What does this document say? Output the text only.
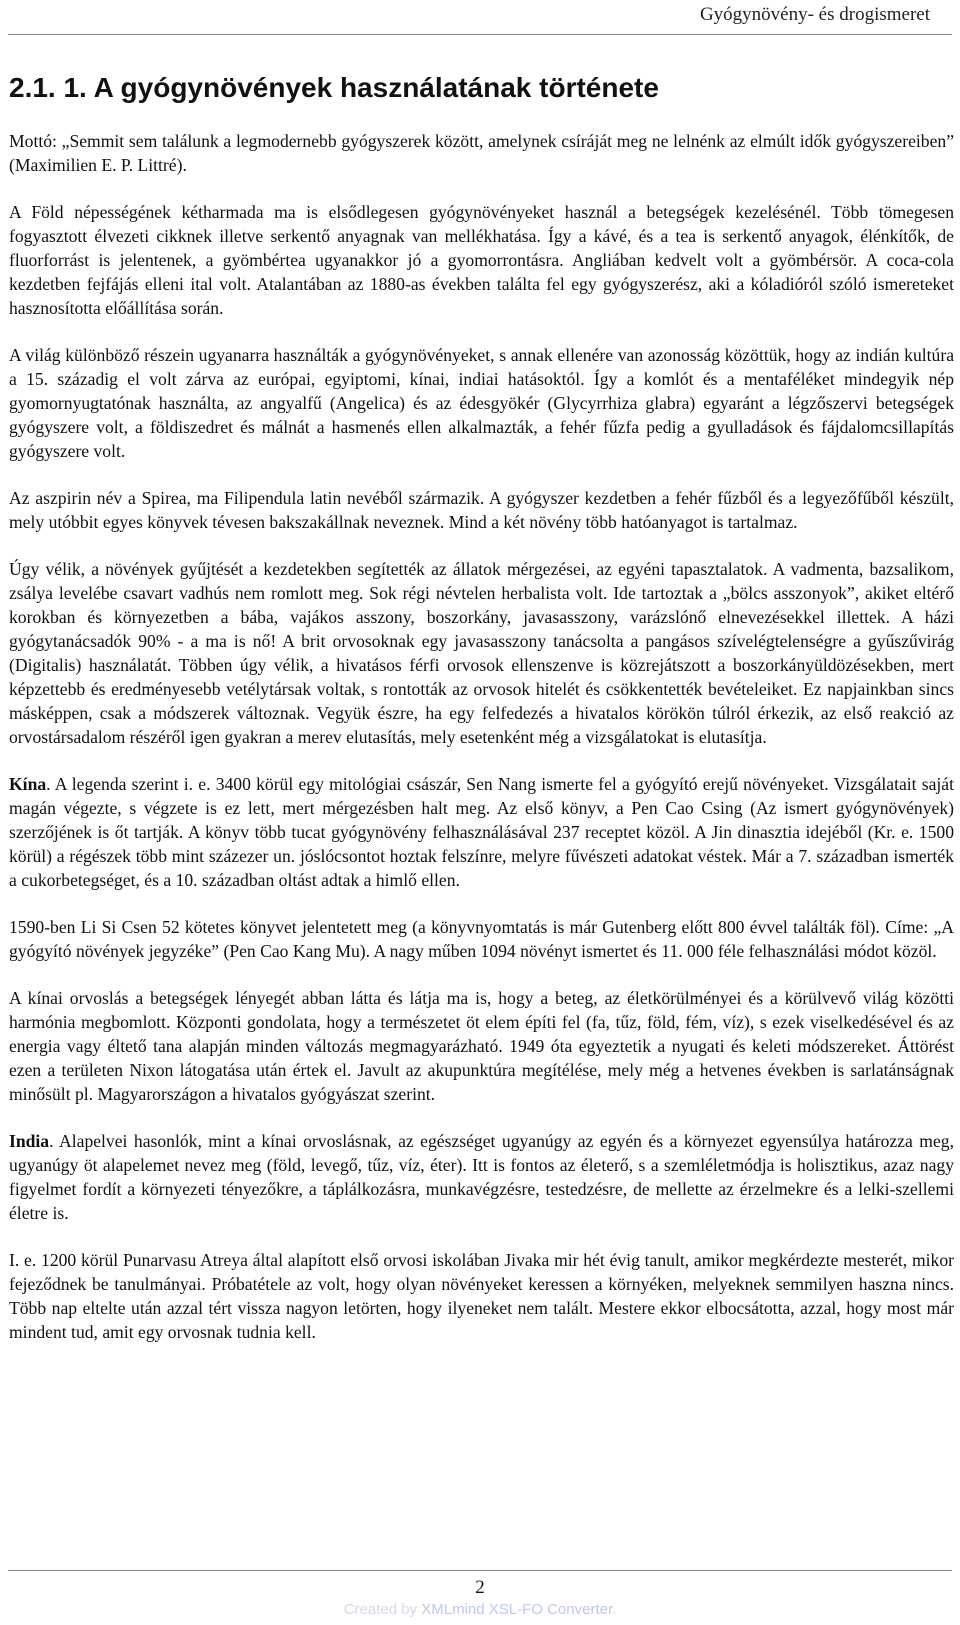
Gyógynövény- és drogismeret
2.1. 1. A gyógynövények használatának története

Mottó: „Semmit sem találunk a legmodernebb gyógyszerek között, amelynek csíráját meg ne lelnénk az elmúlt idők gyógyszereiben” (Maximilien E. P. Littré).

A Föld népességének kétharmada ma is elsődlegesen gyógynövényeket használ a betegségek kezelésénél. Több tömegesen fogyasztott élvezeti cikknek illetve serkentő anyagnak van mellékhatása. Így a kávé, és a tea is serkentő anyagok, élénkítők, de fluorforrást is jelentenek, a gyömbértea ugyanakkor jó a gyomorrontásra. Angliában kedvelt volt a gyömbérsör. A coca-cola kezdetben fejfájás elleni ital volt. Atalantában az 1880-as években találta fel egy gyógyszerész, aki a kóladióról szóló ismereteket hasznosította előállítása során.

A világ különböző részein ugyanarra használták a gyógynövényeket, s annak ellenére van azonosság közöttük, hogy az indián kultúra a 15. századig el volt zárva az európai, egyiptomi, kínai, indiai hatásoktól. Így a komlót és a mentaféléket mindegyik nép gyomornyugtatónak használta, az angyalfű (Angelica) és az édesgyökér (Glycyrrhiza glabra) egyaránt a légzőszervi betegségek gyógyszere volt, a földiszedret és málnát a hasmenés ellen alkalmazták, a fehér fűzfa pedig a gyulladások és fájdalomcsillapítás gyógyszere volt.

Az aszpirin név a Spirea, ma Filipendula latin nevéből származik. A gyógyszer kezdetben a fehér fűzből és a legyezőfűből készült, mely utóbbit egyes könyvek tévesen bakszakállnak neveznek. Mind a két növény több hatóanyagot is tartalmaz.

Úgy vélik, a növények gyűjtését a kezdetekben segítették az állatok mérgezései, az egyéni tapasztalatok. A vadmenta, bazsalikom, zsálya levelébe csavart vadhús nem romlott meg. Sok régi névtelen herbalista volt. Ide tartoztak a „bölcs asszonyok”, akiket eltérő korokban és környezetben a bába, vajákos asszony, boszorkány, javasasszony, varázslónő elnevezésekkel illettek. A házi gyógytanácsadók 90% - a ma is nő! A brit orvosoknak egy javasasszony tanácsolta a pangásos szívelégtelenségre a gyűszűvirág (Digitalis) használatát. Többen úgy vélik, a hivatásos férfi orvosok ellenszenve is közrejátszott a boszorkányüldözésekben, mert képzettebb és eredményesebb vetélytársak voltak, s rontották az orvosok hitelét és csökkentették bevételeiket. Ez napjainkban sincs másképpen, csak a módszerek változnak. Vegyük észre, ha egy felfedezés a hivatalos körökön túlról érkezik, az első reakció az orvostársadalom részéről igen gyakran a merev elutasítás, mely esetenként még a vizsgálatokat is elutasítja.

Kína. A legenda szerint i. e. 3400 körül egy mitológiai császár, Sen Nang ismerte fel a gyógyító erejű növényeket. Vizsgálatait saját magán végezte, s végzete is ez lett, mert mérgezésben halt meg. Az első könyv, a Pen Cao Csing (Az ismert gyógynövények) szerzőjének is őt tartják. A könyv több tucat gyógynövény felhasználásával 237 receptet közöl. A Jin dinasztia idejéből (Kr. e. 1500 körül) a régészek több mint százezer un. jóslócsontot hoztak felszínre, melyre fűvészeti adatokat véstek. Már a 7. században ismerték a cukorbetegséget, és a 10. században oltást adtak a himlő ellen.

1590-ben Li Si Csen 52 kötetes könyvet jelentetett meg (a könyvnyomtatás is már Gutenberg előtt 800 évvel találták föl). Címe: „A gyógyító növények jegyzéke” (Pen Cao Kang Mu). A nagy műben 1094 növényt ismertet és 11. 000 féle felhasználási módot közöl.

A kínai orvoslás a betegségek lényegét abban látta és látja ma is, hogy a beteg, az életkörülményei és a körülvevő világ közötti harmónia megbomlott. Központi gondolata, hogy a természetet öt elem építi fel (fa, tűz, föld, fém, víz), s ezek viselkedésével és az energia vagy éltető tana alapján minden változás megmagyarázható. 1949 óta egyeztetik a nyugati és keleti módszereket. Áttörést ezen a területen Nixon látogatása után értek el. Javult az akupunktúra megítélése, mely még a hetvenes években is sarlatánságnak minősült pl. Magyarországon a hivatalos gyógyászat szerint.

India. Alapelvei hasonlók, mint a kínai orvoslásnak, az egészséget ugyanúgy az egyén és a környezet egyensúlya határozza meg, ugyanúgy öt alapelemet nevez meg (föld, levegő, tűz, víz, éter). Itt is fontos az életerő, s a szemléletmódja is holisztikus, azaz nagy figyelmet fordít a környezeti tényezőkre, a táplálkozásra, munkavégzésre, testedzésre, de mellette az érzelmekre és a lelki-szellemi életre is.

I. e. 1200 körül Punarvasu Atreya által alapított első orvosi iskolában Jivaka mir hét évig tanult, amikor megkérdezte mesterét, mikor fejeződnek be tanulmányai. Próbatétele az volt, hogy olyan növényeket keressen a környéken, melyeknek semmilyen haszna nincs. Több nap eltelte után azzal tért vissza nagyon letörten, hogy ilyeneket nem talált. Mestere ekkor elbocsátotta, azzal, hogy most már mindent tud, amit egy orvosnak tudnia kell.

2
Created by XMLmind XSL-FO Converter.
